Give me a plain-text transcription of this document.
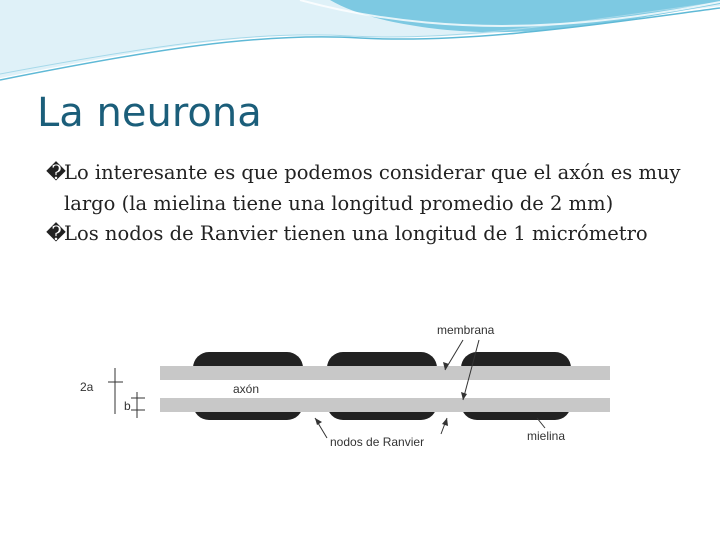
La neurona
�
Lo interesante es que podemos considerar que el axón es muy largo (la mielina tiene una longitud promedio de 2 mm)
�
Los nodos de Ranvier tienen una longitud de 1 micrómetro
membrana
axón
2a
b
nodos de Ranvier	mielina
